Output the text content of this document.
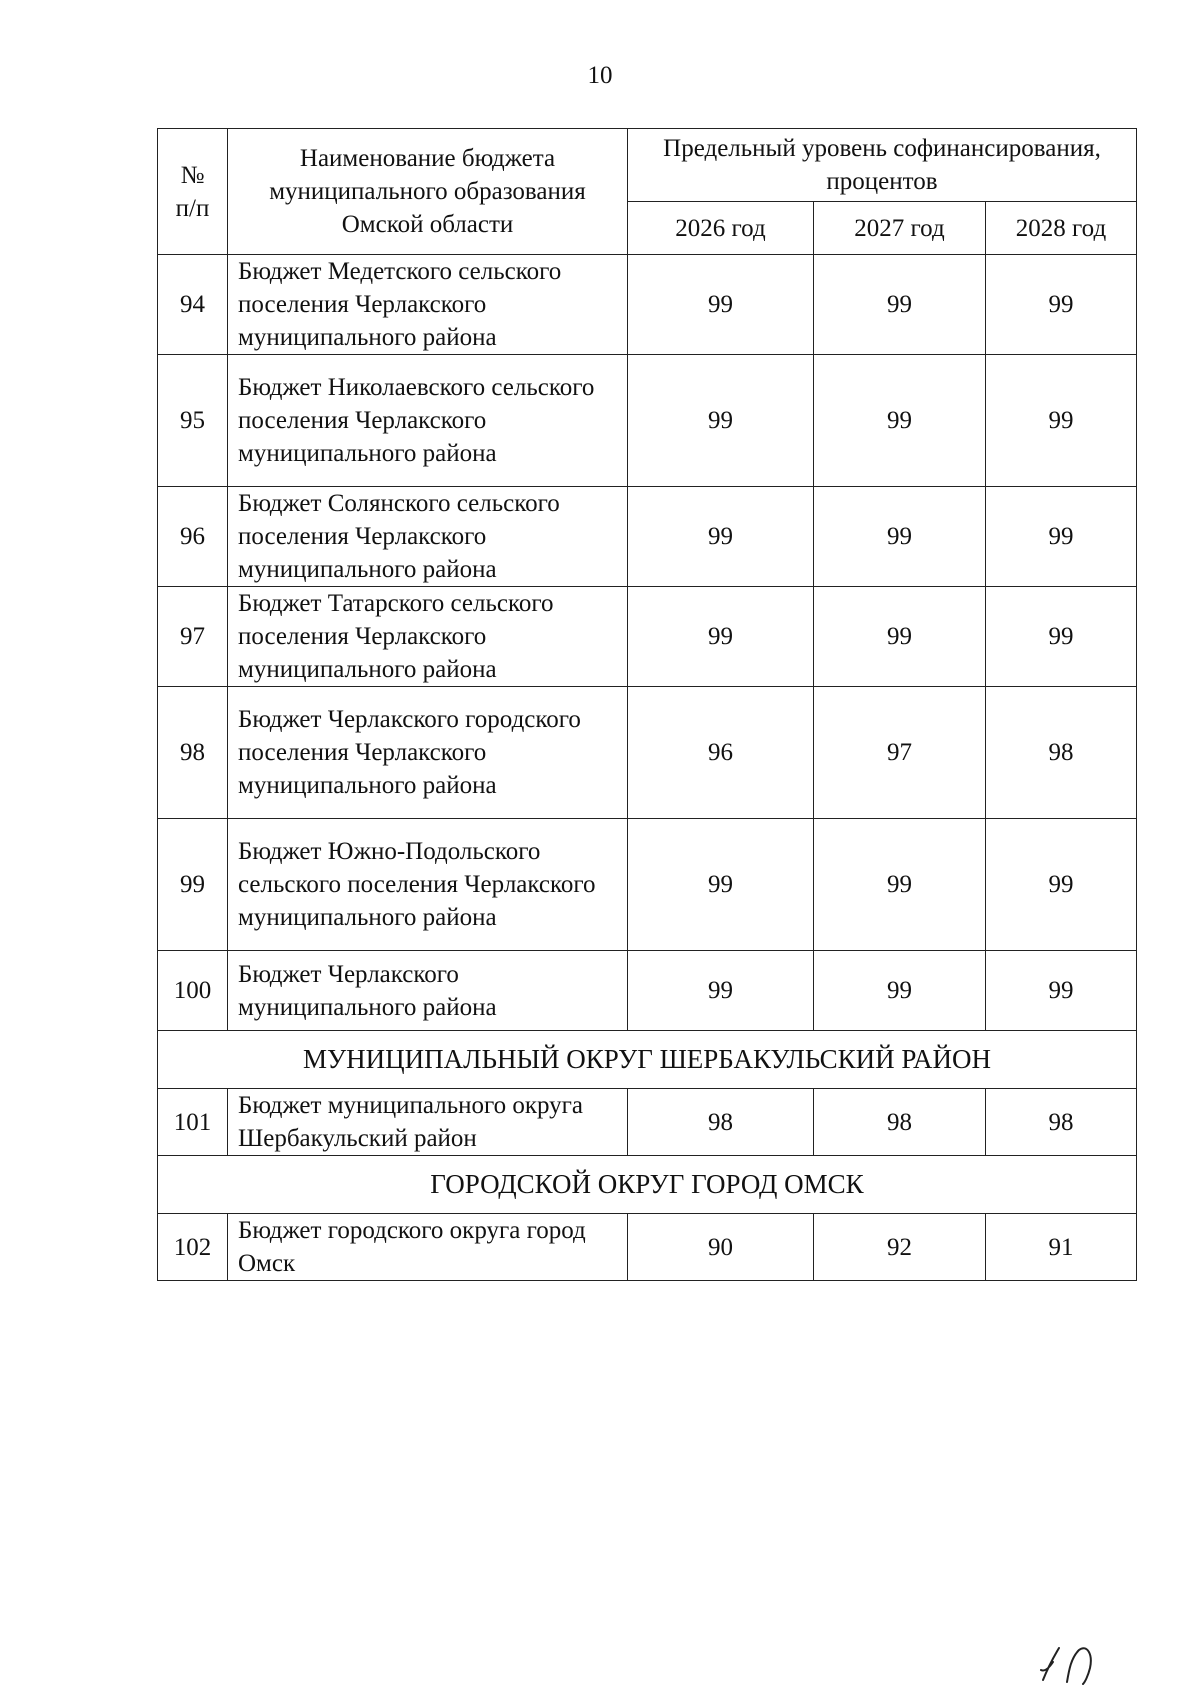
10
№
п/п	Наименование бюджета муниципального образования Омской области	Предельный уровень софинансирования, процентов		
		2026 год	2027 год	2028 год
94	Бюджет Медетского сельского поселения Черлакского муниципального района	99	99	99
95	Бюджет Николаевского сельского поселения Черлакского муниципального района	99	99	99
96	Бюджет Солянского сельского поселения Черлакского муниципального района	99	99	99
97	Бюджет Татарского сельского поселения Черлакского муниципального района	99	99	99
98	Бюджет Черлакского городского поселения Черлакского муниципального района	96	97	98
99	Бюджет Южно-Подольского сельского поселения Черлакского муниципального района	99	99	99
100	Бюджет Черлакского муниципального района	99	99	99
МУНИЦИПАЛЬНЫЙ ОКРУГ ШЕРБАКУЛЬСКИЙ РАЙОН				
101	Бюджет муниципального округа Шербакульский район	98	98	98
ГОРОДСКОЙ ОКРУГ ГОРОД ОМСК				
102	Бюджет городского округа город Омск	90	92	91
